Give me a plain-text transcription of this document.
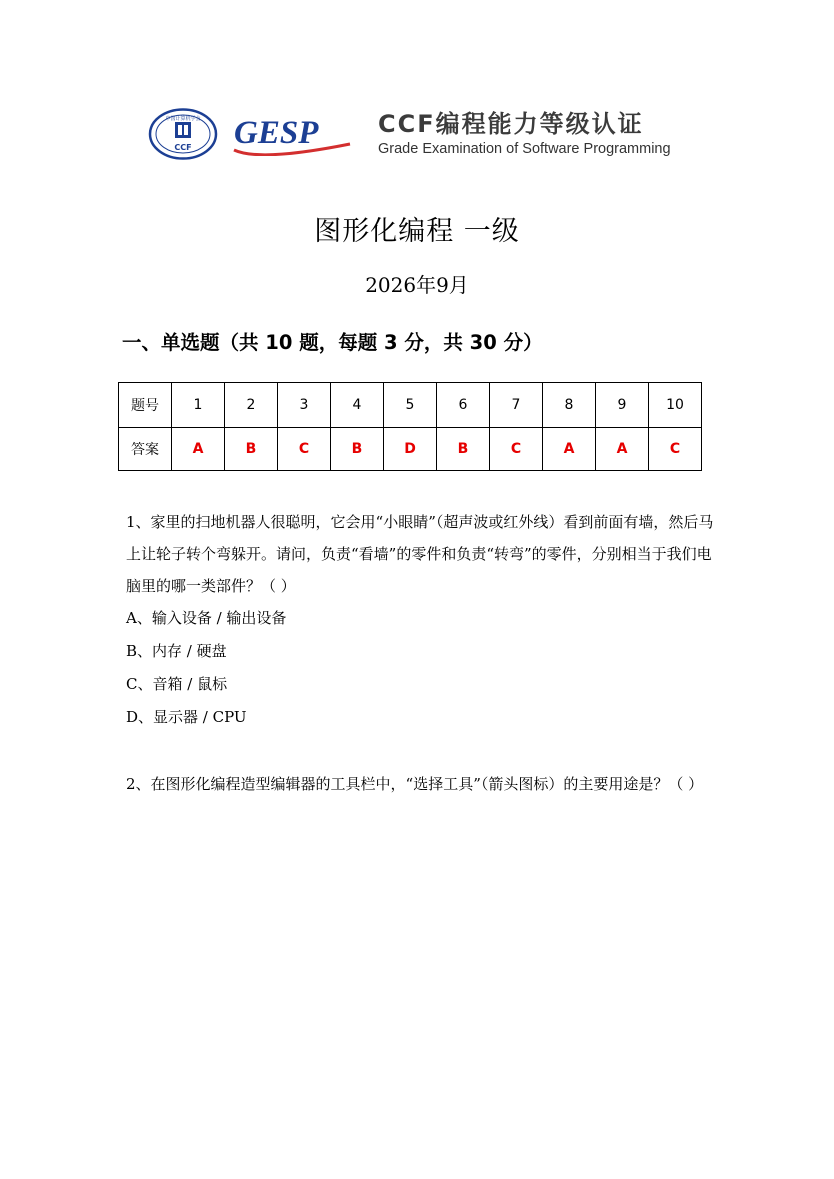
中国计算机学会
CCF GESP CCF编程能力等级认证
Grade Examination of Software Programming
图形化编程 一级
2026年9月
一、单选题（共 10 题，每题 3 分，共 30 分）
题号	1	2	3	4	5	6	7	8	9	10
答案	A	B	C	B	D	B	C	A	A	C

1、家里的扫地机器人很聪明，它会用“小眼睛”（超声波或红外线）看到前面有墙，然后马上让轮子转个弯躲开。请问，负责“看墙”的零件和负责“转弯”的零件，分别相当于我们电脑里的哪一类部件？（ ）

A、输入设备 / 输出设备

B、内存 / 硬盘

C、音箱 / 鼠标

D、显示器 / CPU

2、在图形化编程造型编辑器的工具栏中，“选择工具”（箭头图标）的主要用途是？（ ）
